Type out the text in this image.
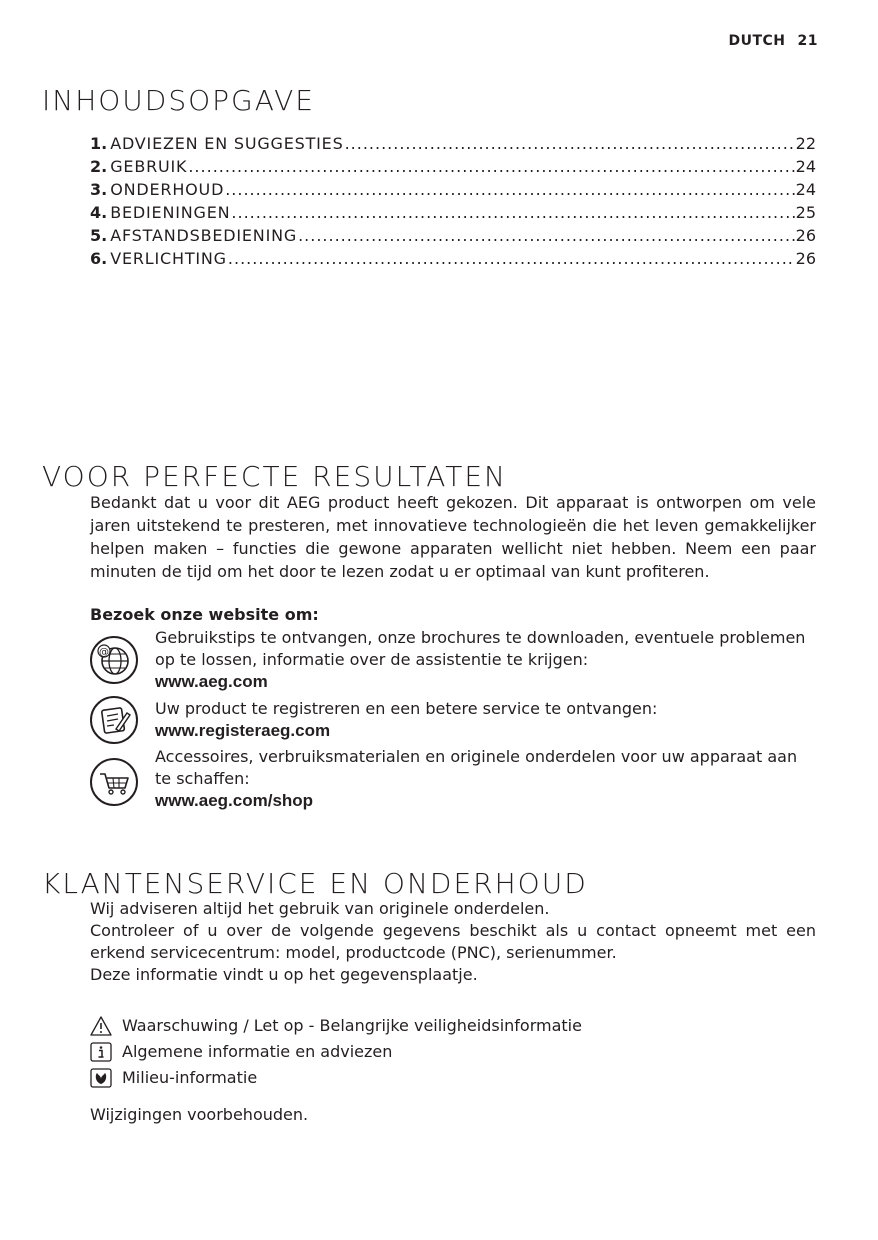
DUTCH 21
INHOUDSOPGAVE
1. ADVIEZEN EN SUGGESTIES .....	22
2. GEBRUIK .....	24
3. ONDERHOUD .....	24
4. BEDIENINGEN .....	25
5. AFSTANDSBEDIENING .....	26
6. VERLICHTING .....	26
VOOR PERFECTE RESULTATEN
Bedankt dat u voor dit AEG product heeft gekozen. Dit apparaat is ontworpen om vele jaren uitstekend te presteren, met innovatieve technologieën die het leven gemakkelijker helpen maken – functies die gewone apparaten wellicht niet hebben. Neem een paar minuten de tijd om het door te lezen zodat u er optimaal van kunt profiteren.
Bezoek onze website om:
@
Gebruikstips te ontvangen, onze brochures te downloaden, eventuele problemen op te lossen, informatie over de assistentie te krijgen:
www.aeg.com
Uw product te registreren en een betere service te ontvangen:
www.registeraeg.com
Accessoires, verbruiksmaterialen en originele onderdelen voor uw apparaat aan te schaffen:
www.aeg.com/shop
KLANTENSERVICE EN ONDERHOUD
Wij adviseren altijd het gebruik van originele onderdelen.
Controleer of u over de volgende gegevens beschikt als u contact opneemt met een erkend servicecentrum: model, productcode (PNC), serienummer.
Deze informatie vindt u op het gegevensplaatje.
Waarschuwing / Let op - Belangrijke veiligheidsinformatie
Algemene informatie en adviezen
Milieu-informatie
Wijzigingen voorbehouden.
